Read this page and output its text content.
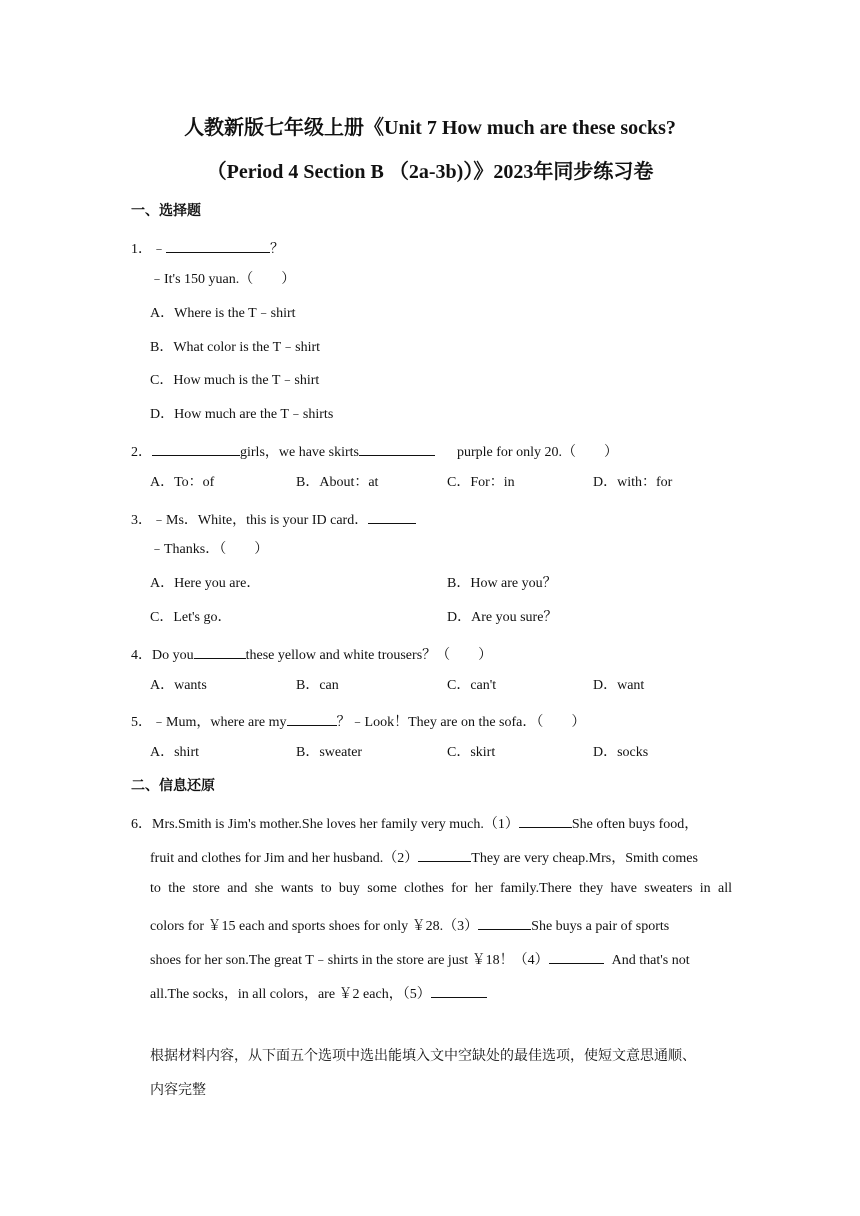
人教新版七年级上册《Unit 7 How much are these socks?
（Period 4 Section B （2a-3b)）》2023年同步练习卷
一、选择题
1．﹣	？
﹣It's 150 yuan.（　　）
A．Where is the T﹣shirt
B．What color is the T﹣shirt
C．How much is the T﹣shirt
D．How much are the T﹣shirts
2．	girls，we have skirts	purple for only 20.（　　）
A．To：of	B．About：at	C．For：in	D．with：for
3．﹣Ms．White，this is your ID card．
﹣Thanks．（　　）
A．Here you are．	B．How are you？
C．Let's go．	D．Are you sure？
4．Do you	these yellow and white trousers？（　　）
A．wants	B．can	C．can't	D．want
5．﹣Mum，where are my	？﹣Look！They are on the sofa．（　　）
A．shirt	B．sweater	C．skirt	D．socks
二、信息还原
6．Mrs.Smith is Jim's mother.She loves her family very much.（1）	She often buys food，
fruit and clothes for Jim and her husband.（2）	They are very cheap.Mrs，Smith comes
to the store and she wants to buy some clothes for her family.There they have sweaters in all
colors for ￥15 each and sports shoes for only ￥28.（3）	She buys a pair of sports
shoes for her son.The great T﹣shirts in the store are just ￥18！（4）	And that's not
all.The socks，in all colors，are ￥2 each，（5）
根据材料内容，从下面五个选项中选出能填入文中空缺处的最佳选项，使短文意思通顺、
内容完整
